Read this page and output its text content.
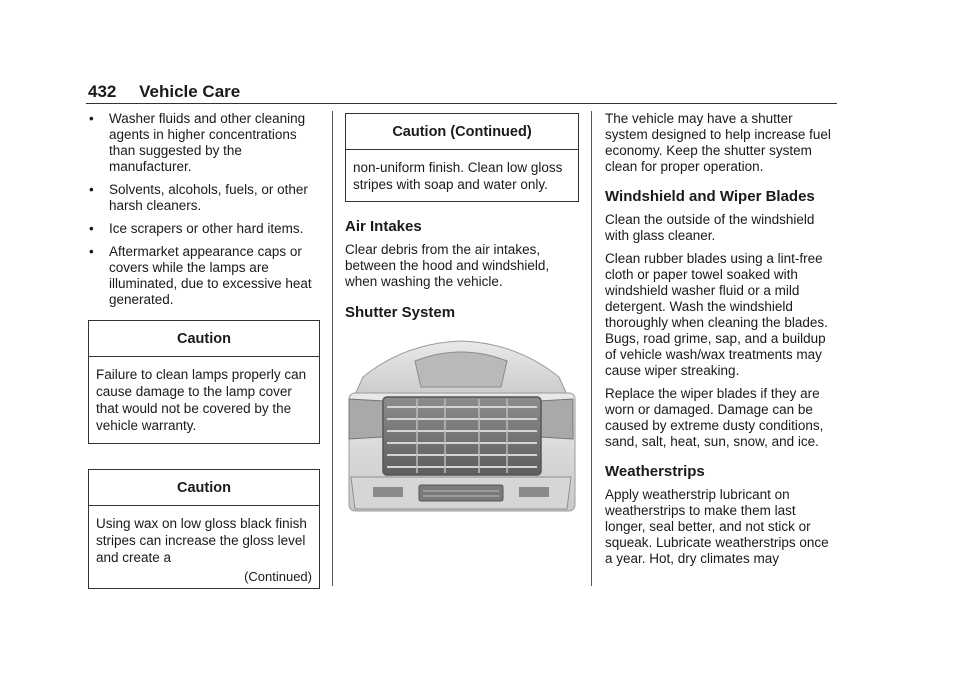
432 Vehicle Care
• Washer fluids and other cleaning agents in higher concentrations than suggested by the manufacturer.
• Solvents, alcohols, fuels, or other harsh cleaners.
• Ice scrapers or other hard items.
• Aftermarket appearance caps or covers while the lamps are illuminated, due to excessive heat generated.
Caution
Failure to clean lamps properly can cause damage to the lamp cover that would not be covered by the vehicle warranty.
Caution
Using wax on low gloss black finish stripes can increase the gloss level and create a
(Continued)
Caution (Continued)
non-uniform finish. Clean low gloss stripes with soap and water only.
Air Intakes

Clear debris from the air intakes, between the hood and windshield, when washing the vehicle.

Shutter System

The vehicle may have a shutter system designed to help increase fuel economy. Keep the shutter system clean for proper operation.

Windshield and Wiper Blades

Clean the outside of the windshield with glass cleaner.

Clean rubber blades using a lint-free cloth or paper towel soaked with windshield washer fluid or a mild detergent. Wash the windshield thoroughly when cleaning the blades. Bugs, road grime, sap, and a buildup of vehicle wash/wax treatments may cause wiper streaking.

Replace the wiper blades if they are worn or damaged. Damage can be caused by extreme dusty conditions, sand, salt, heat, sun, snow, and ice.

Weatherstrips

Apply weatherstrip lubricant on weatherstrips to make them last longer, seal better, and not stick or squeak. Lubricate weatherstrips once a year. Hot, dry climates may
